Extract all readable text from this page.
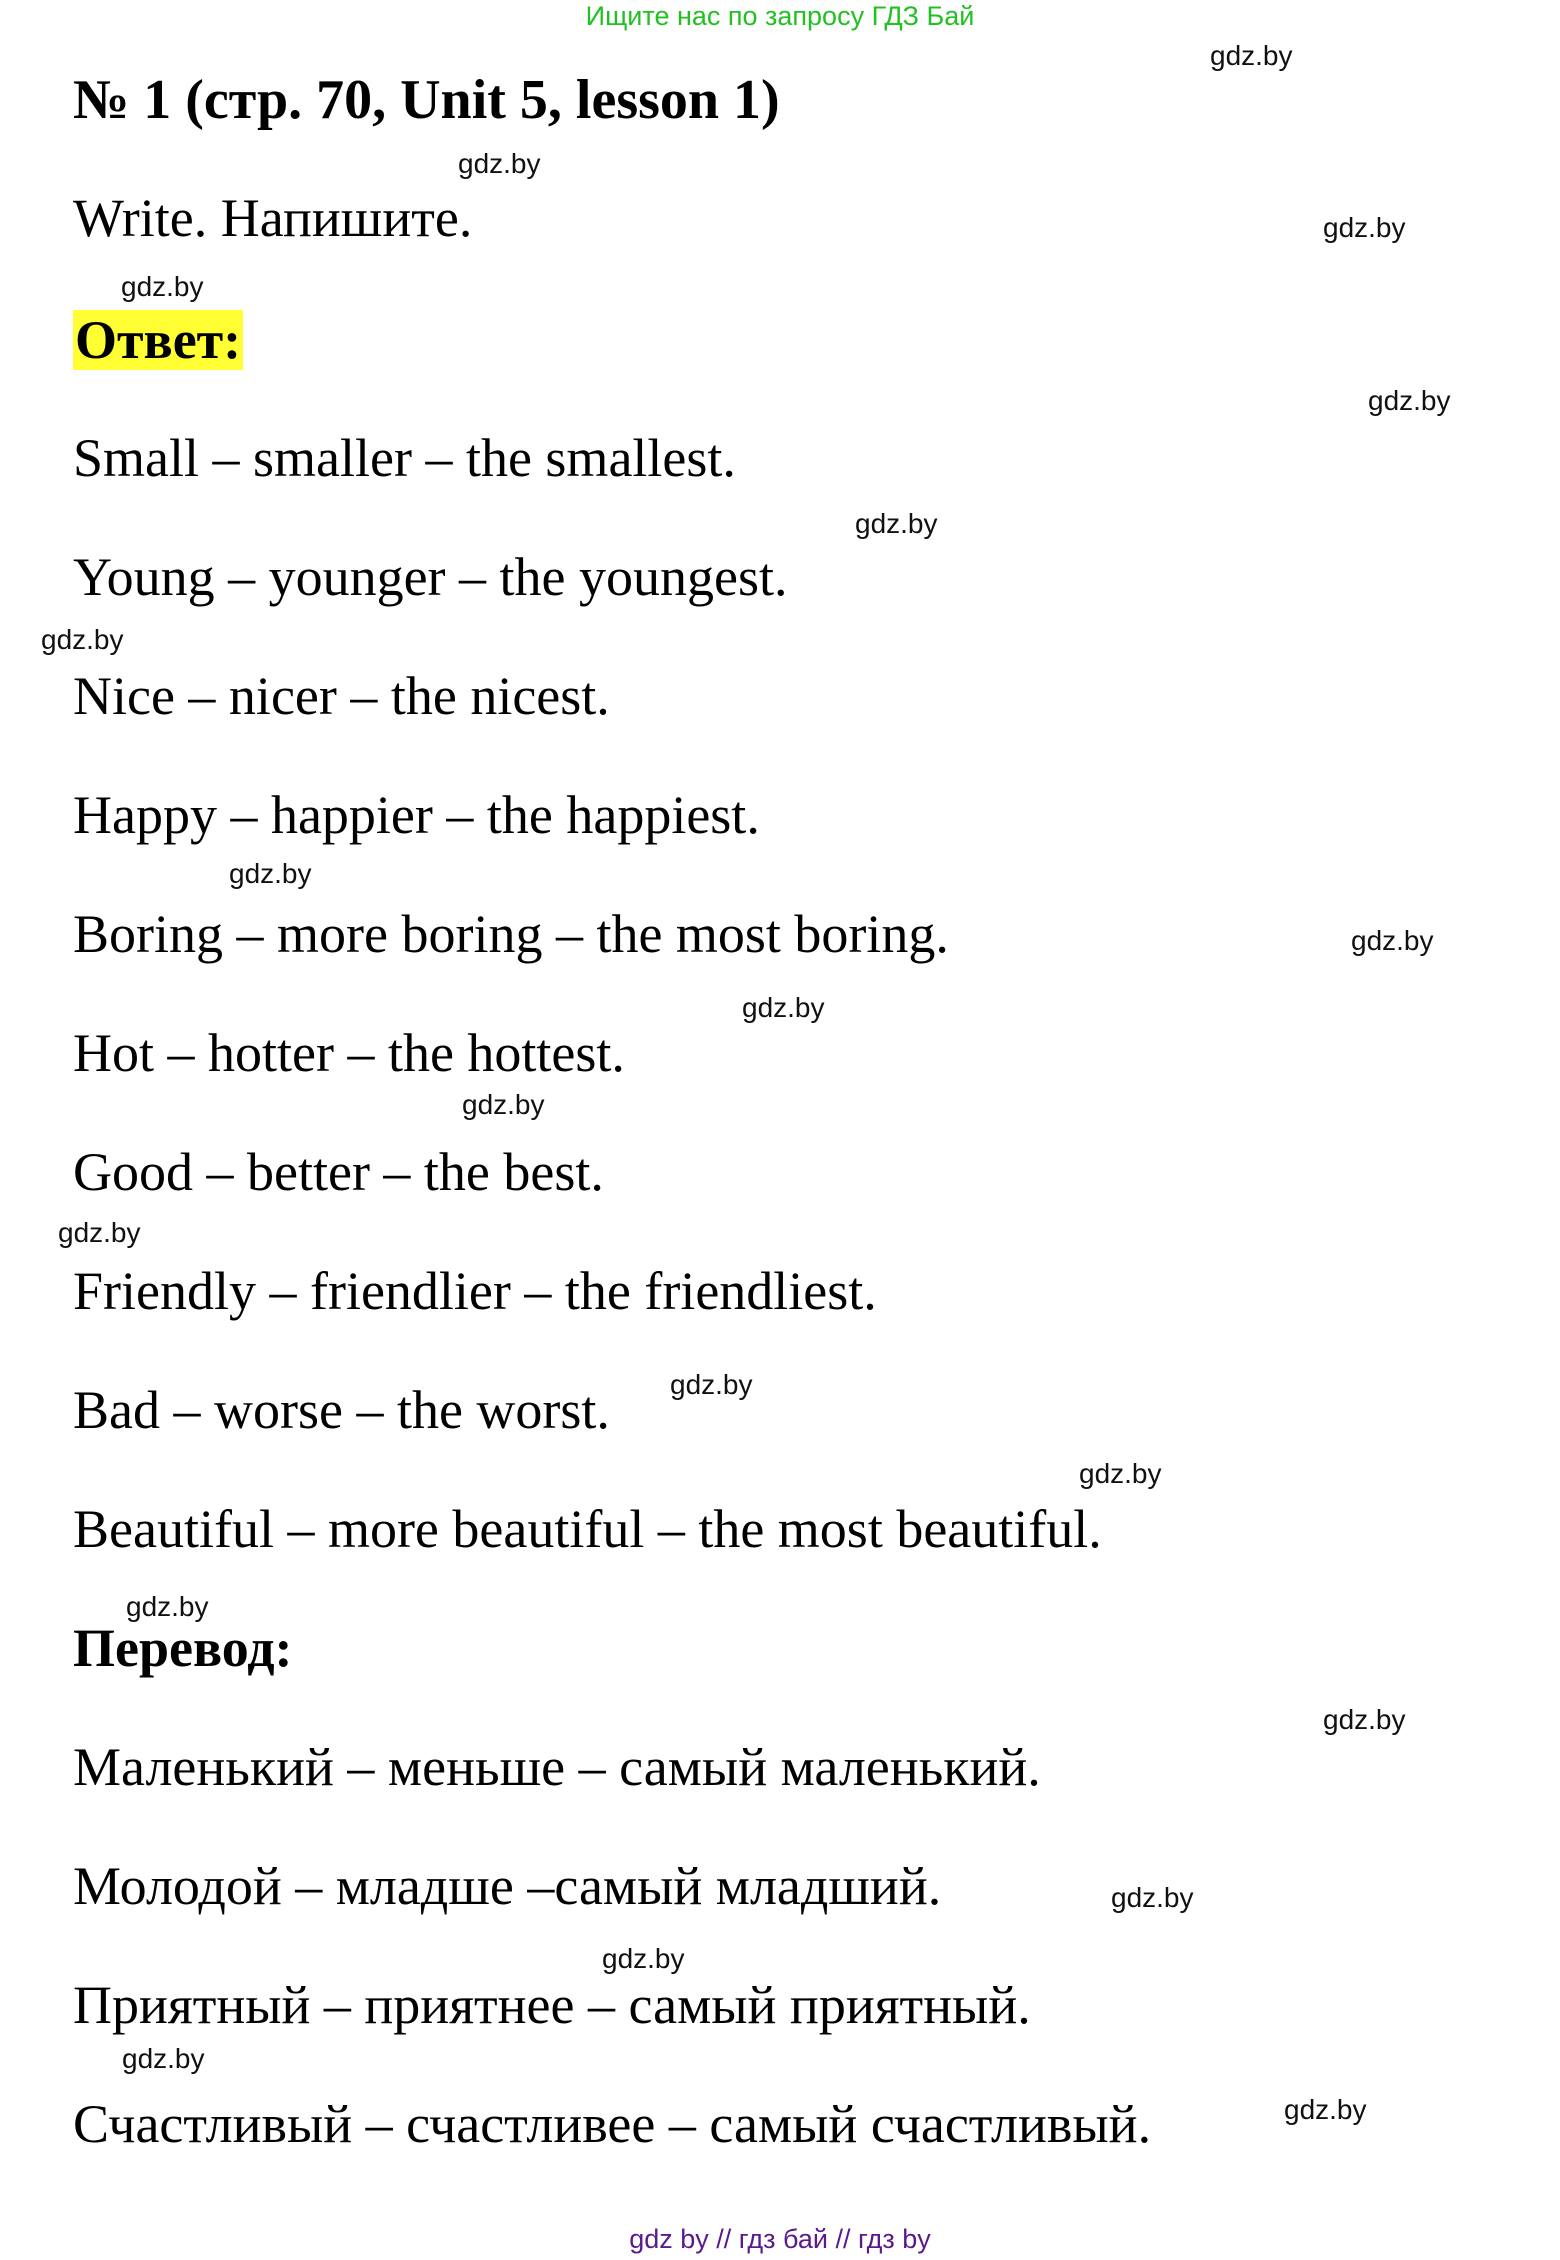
Ищите нас по запросу ГДЗ Бай
№ 1 (стр. 70, Unit 5, lesson 1)
Write. Напишите.
Ответ:
Small – smaller – the smallest.
Young – younger – the youngest.
Nice – nicer – the nicest.
Happy – happier – the happiest.
Boring – more boring – the most boring.
Hot – hotter – the hottest.
Good – better – the best.
Friendly – friendlier – the friendliest.
Bad – worse – the worst.
Beautiful – more beautiful – the most beautiful.
Перевод:
Маленький – меньше – самый маленький.
Молодой – младше –самый младший.
Приятный – приятнее – самый приятный.
Счастливый – счастливее – самый счастливый.
gdz.by
gdz.by
gdz.by
gdz.by
gdz.by
gdz.by
gdz.by
gdz.by
gdz.by
gdz.by
gdz.by
gdz.by
gdz.by
gdz.by
gdz.by
gdz.by
gdz.by
gdz.by
gdz.by
gdz.by
gdz by // гдз бай // гдз by
